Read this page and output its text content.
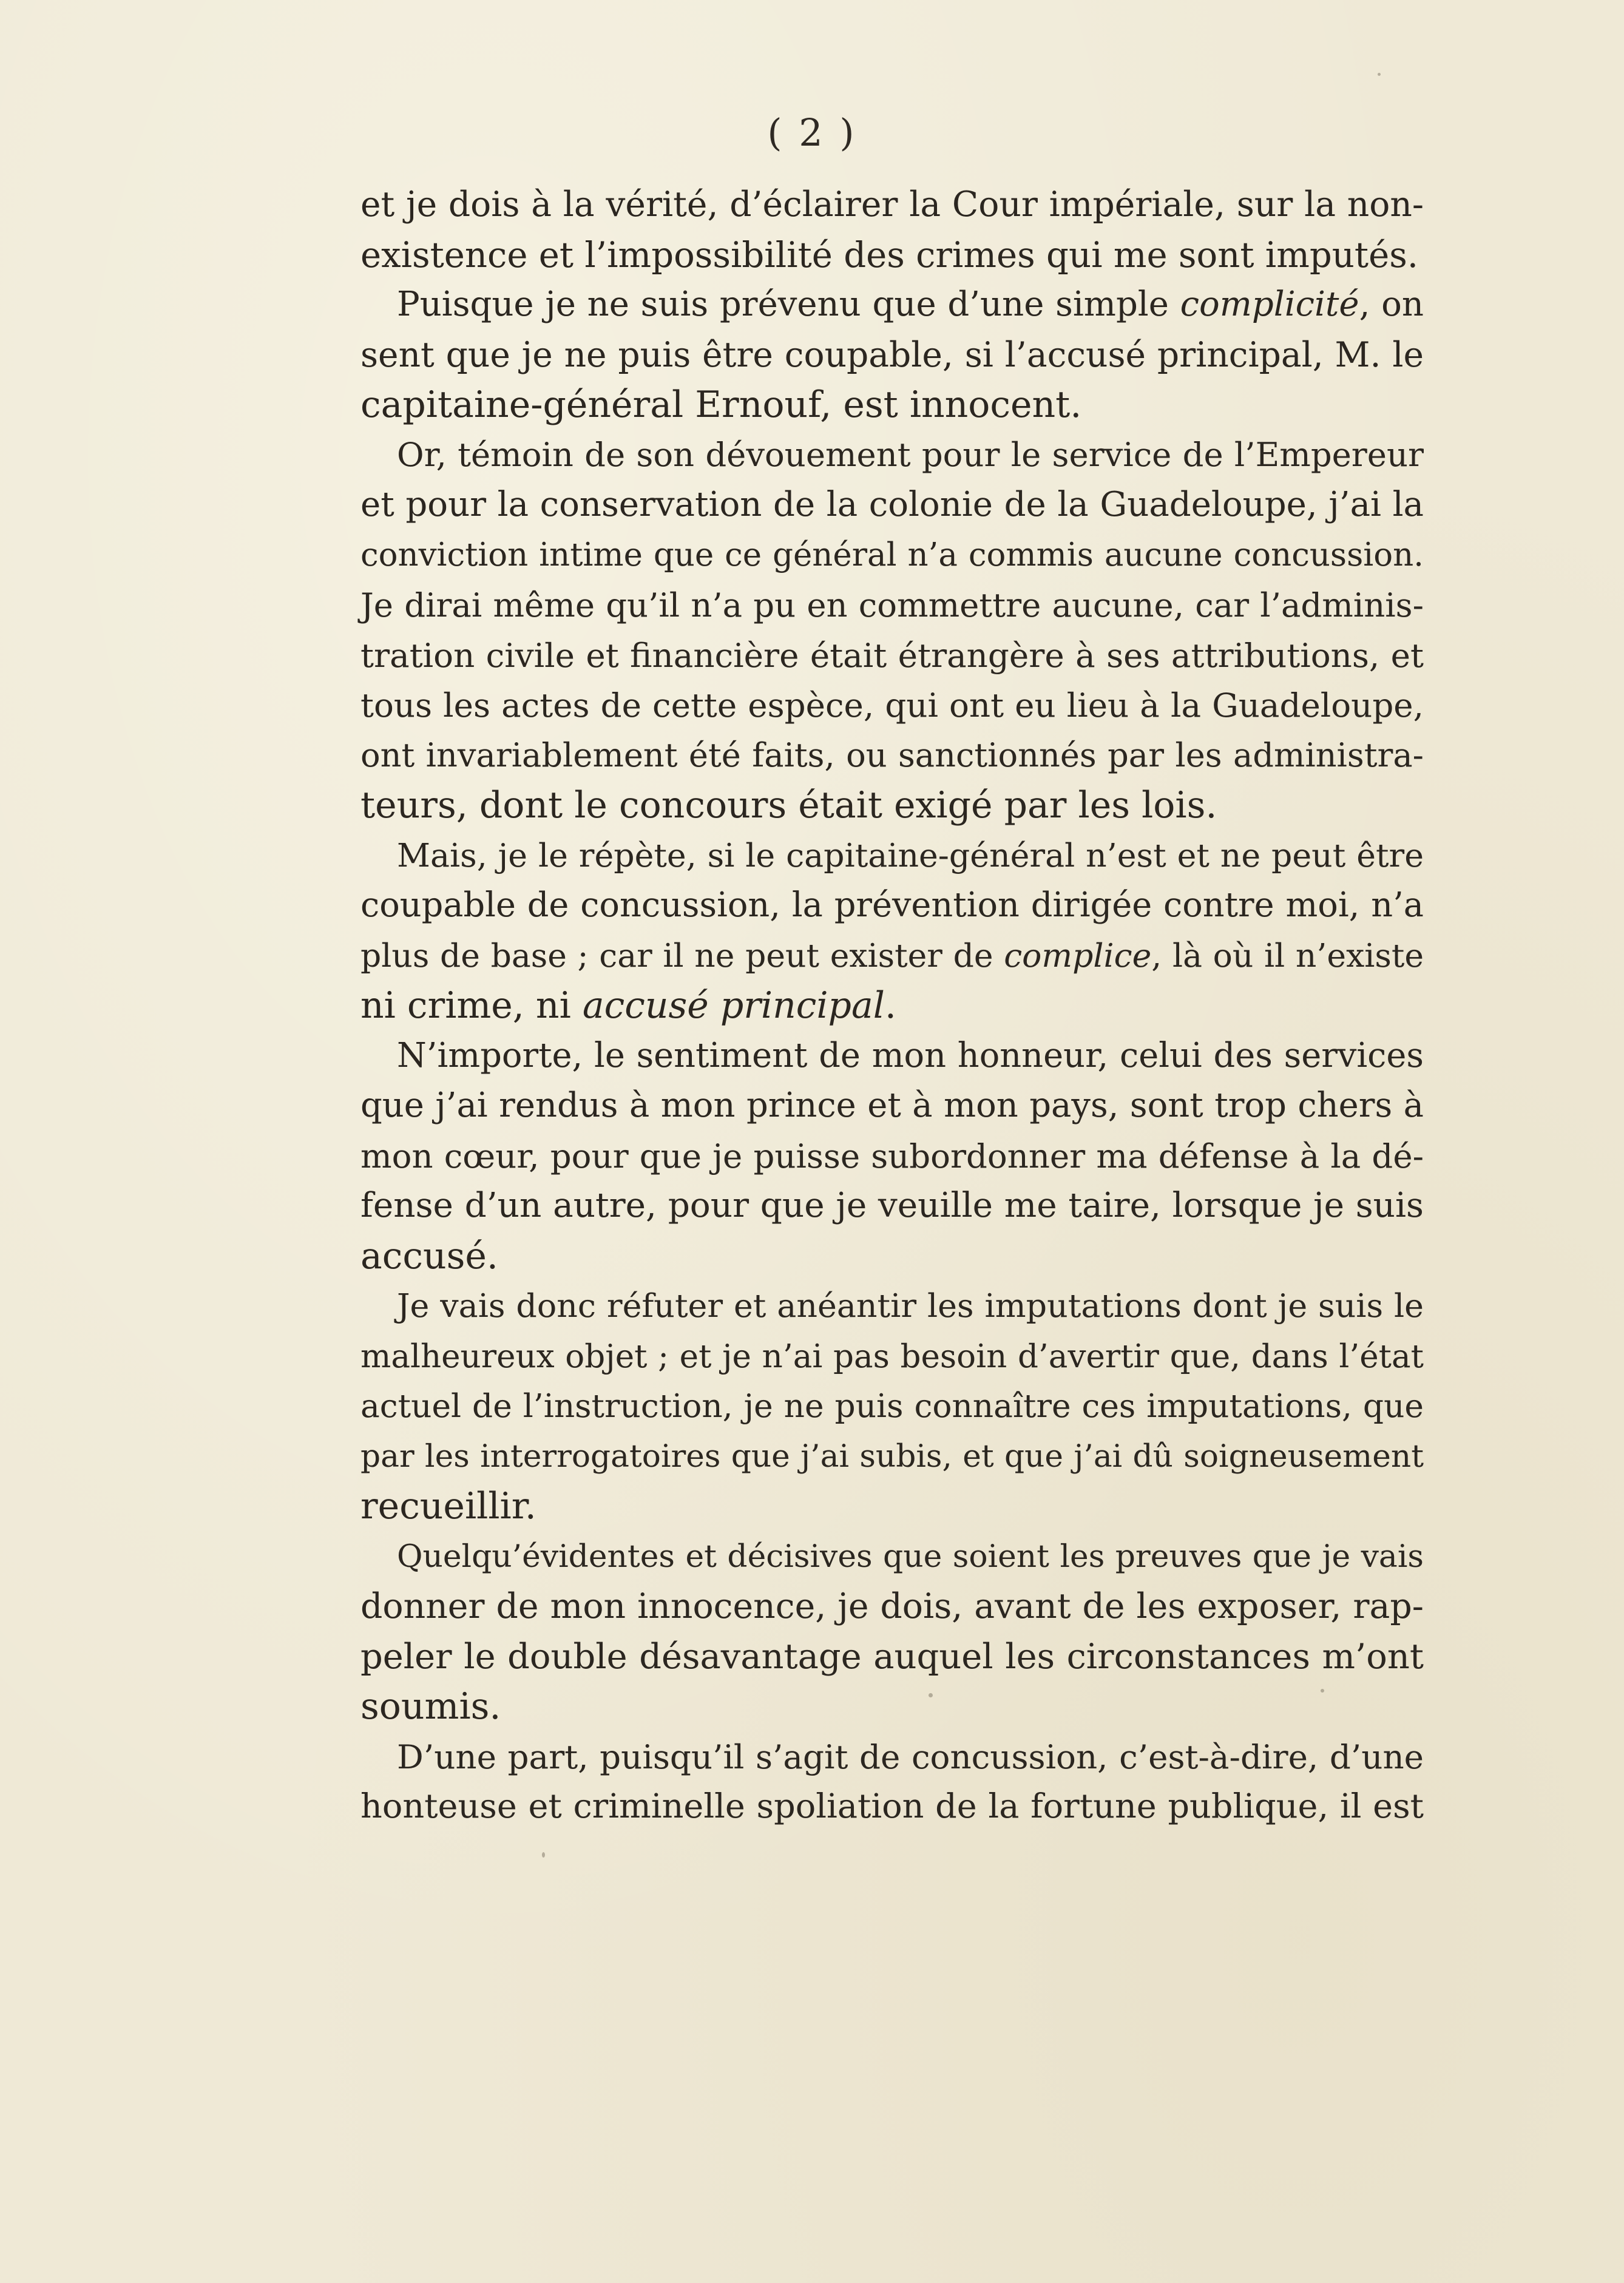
( 2 )
et je dois à la vérité, d’éclairer la Cour impériale, sur la non-
existence et l’impossibilité des crimes qui me sont imputés.
Puisque je ne suis prévenu que d’une simple complicité, on
sent que je ne puis être coupable, si l’accusé principal, M. le
capitaine-général Ernouf, est innocent.
Or, témoin de son dévouement pour le service de l’Empereur
et pour la conservation de la colonie de la Guadeloupe, j’ai la
conviction intime que ce général n’a commis aucune concussion.
Je dirai même qu’il n’a pu en commettre aucune, car l’adminis-
tration civile et financière était étrangère à ses attributions, et
tous les actes de cette espèce, qui ont eu lieu à la Guadeloupe,
ont invariablement été faits, ou sanctionnés par les administra-
teurs, dont le concours était exigé par les lois.
Mais, je le répète, si le capitaine-général n’est et ne peut être
coupable de concussion, la prévention dirigée contre moi, n’a
plus de base ; car il ne peut exister de complice, là où il n’existe
ni crime, ni accusé principal.
N’importe, le sentiment de mon honneur, celui des services
que j’ai rendus à mon prince et à mon pays, sont trop chers à
mon cœur, pour que je puisse subordonner ma défense à la dé-
fense d’un autre, pour que je veuille me taire, lorsque je suis
accusé.
Je vais donc réfuter et anéantir les imputations dont je suis le
malheureux objet ; et je n’ai pas besoin d’avertir que, dans l’état
actuel de l’instruction, je ne puis connaître ces imputations, que
par les interrogatoires que j’ai subis, et que j’ai dû soigneusement
recueillir.
Quelqu’évidentes et décisives que soient les preuves que je vais
donner de mon innocence, je dois, avant de les exposer, rap-
peler le double désavantage auquel les circonstances m’ont
soumis.
D’une part, puisqu’il s’agit de concussion, c’est-à-dire, d’une
honteuse et criminelle spoliation de la fortune publique, il est
